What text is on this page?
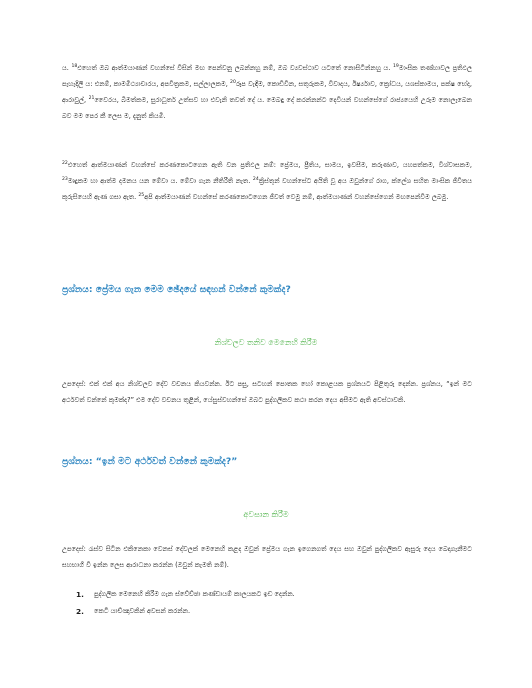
ය. $^{18}$එහෙත් ඔබ ආත්මයාණන් වහන්සේ විසින් මඟ පෙන්වනු ලබන්නහු නම්, ඔබ ව්‍යවස්ථාව යටතේ නොසිටින්නහු ය. $^{19}$මාංසික තණ්හාවල ප්‍රතිඵල පැහැදිලි ය: එනම්, කාමමිථ්‍යාචාරය, අපවිත්‍රකම, සල්ලාලකම, $^{20}$රූප වැඳීම, කොඩිවින, සතුරුකම, විවාදය, ඊර්ෂ්‍යාව, ක්‍රෝධය, යශස්කාමය, පක්ෂ භේද, ආරාවුල්, $^{21}$වෛරය, බීමත්කම, සුරාධූර්ත උත්සව හා එවැනි තවත් දේ ය. මෙබඳු දේ කරන්නන්ට දෙවියන් වහන්සේගේ රාජ්‍යයෙහි උරුම නොලැබෙන බව මම පෙර කී ලෙස ම, දැනුත් කියමි.

$^{22}$එහෙත් ආත්මයාණන් වහන්සේ කරණකොටගෙන ඇති වන ප්‍රතිඵල නම්: ප්‍රේමය, ප්‍රීතිය, සාමය, ඉවසීම, කරුණාව, යහපත්කම, විශ්වාසකම, $^{23}$මෘදුකම හා ආත්ම දමනය යන මේවා ය. මේවා ගැන නීතිරීති නැත. $^{24}$ක්‍රිස්තුන් වහන්සේට අයිති වූ අය ඔවුන්ගේ රාග, ක්ලේශ සහිත මාංසික ජීවිතය කුරුසියෙහි ඇණ ගසා ඇත. $^{25}$අපි ආත්මයාණන් වහන්සේ කරණකොටගෙන ජීවත් වෙමු නම්, ආත්මයාණන් වහන්සේගෙන් මඟපෙන්වීම ලබමු.

ප්‍රශ්නය: ප්‍රේමය ගැන මෙම ඡේදයේ සඳහන් වන්නේ කුමක්ද?

නිශ්චලව තනිව මෙනෙහි කිරීම

උපදෙස්: එක් එක් අය නිශ්චලව දේව වචනය කියවන්න. ඊට පසු, සටහන් පොතක හෝ කොළයක ප්‍රශ්නයට පිළිතුරු දෙන්න. ප්‍රශ්නය, “ඉන් මට අර්ථවත් වන්නේ කුමක්ද?” එම දේව වචනය තුළින්, යේසුස්වහන්සේ ඔබට පුද්ගලිකව කථා කරන දෙය අසීමට ඇති අවස්ථාවකි.

ප්‍රශ්නය: “ඉන් මට අර්ථවත් වන්නේ කුමක්ද?”

අවසාන කිරීම

උපදෙස්: රැස්ව සිටින එකිනෙකා වෙනස් දේවලක් මෙනෙහි කළද ඔවුන් ප්‍රේමය ගැන ඉගෙනගත් දෙය සහ ඔවුන් පුද්ගලිකව ඇසුරු දෙය බෙදාගැනීමට සහභාගී වී ඉන්න ලෙස ආරාධනා කරන්න (ඔවුන් කැමති නම්).

1.	පුද්ගලික මෙනෙහි කිරීම ගැන ස්වේච්ඡා කණ්ඩායම් කාලයකට ඉඩ දෙන්න.
2.	කෙටි යාච්ඤාවකින් අවසන් කරන්න.
